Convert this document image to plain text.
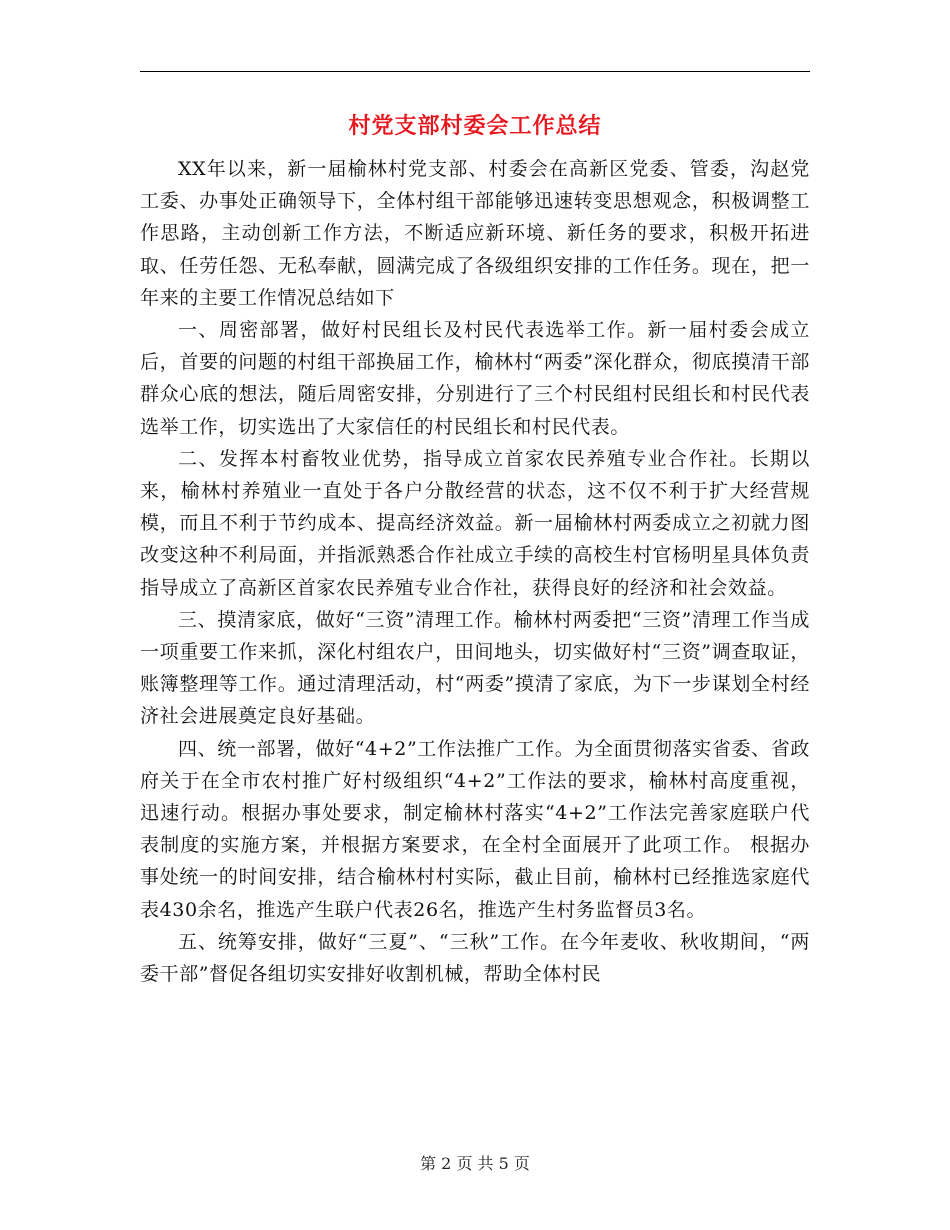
村党支部村委会工作总结

XX年以来，新一届榆林村党支部、村委会在高新区党委、管委，沟赵党工委、办事处正确领导下，全体村组干部能够迅速转变思想观念，积极调整工作思路，主动创新工作方法，不断适应新环境、新任务的要求，积极开拓进取、任劳任怨、无私奉献，圆满完成了各级组织安排的工作任务。现在，把一年来的主要工作情况总结如下

一、周密部署，做好村民组长及村民代表选举工作。新一届村委会成立后，首要的问题的村组干部换届工作，榆林村“两委”深化群众，彻底摸清干部群众心底的想法，随后周密安排，分别进行了三个村民组村民组长和村民代表选举工作，切实选出了大家信任的村民组长和村民代表。

二、发挥本村畜牧业优势，指导成立首家农民养殖专业合作社。长期以来，榆林村养殖业一直处于各户分散经营的状态，这不仅不利于扩大经营规模，而且不利于节约成本、提高经济效益。新一届榆林村两委成立之初就力图改变这种不利局面，并指派熟悉合作社成立手续的高校生村官杨明星具体负责指导成立了高新区首家农民养殖专业合作社，获得良好的经济和社会效益。

三、摸清家底，做好“三资”清理工作。榆林村两委把“三资”清理工作当成一项重要工作来抓，深化村组农户，田间地头，切实做好村“三资”调查取证，账簿整理等工作。通过清理活动，村“两委”摸清了家底，为下一步谋划全村经济社会进展奠定良好基础。

四、统一部署，做好“4+2”工作法推广工作。为全面贯彻落实省委、省政府关于在全市农村推广好村级组织“4+2”工作法的要求，榆林村高度重视，迅速行动。根据办事处要求，制定榆林村落实“4+2”工作法完善家庭联户代表制度的实施方案，并根据方案要求，在全村全面展开了此项工作。 根据办事处统一的时间安排，结合榆林村村实际，截止目前，榆林村已经推选家庭代表430余名，推选产生联户代表26名，推选产生村务监督员3名。

五、统筹安排，做好“三夏”、“三秋”工作。在今年麦收、秋收期间，“两委干部”督促各组切实安排好收割机械，帮助全体村民

第 2 页 共 5 页
